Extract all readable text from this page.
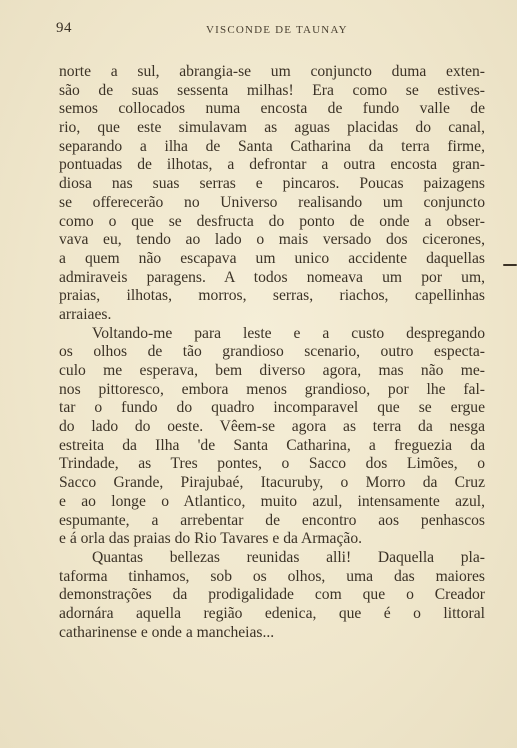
94	VISCONDE DE TAUNAY
norte a sul, abrangia-se um conjuncto duma exten-
são de suas sessenta milhas! Era como se estives-
semos collocados numa encosta de fundo valle de
rio, que este simulavam as aguas placidas do canal,
separando a ilha de Santa Catharina da terra firme,
pontuadas de ilhotas, a defrontar a outra encosta gran-
diosa nas suas serras e pincaros. Poucas paizagens
se offerecerão no Universo realisando um conjuncto
como o que se desfructa do ponto de onde a obser-
vava eu, tendo ao lado o mais versado dos cicerones,
a quem não escapava um unico accidente daquellas
admiraveis paragens. A todos nomeava um por um,
praias, ilhotas, morros, serras, riachos, capellinhas
arraiaes.
Voltando-me para leste e a custo despregando
os olhos de tão grandioso scenario, outro especta-
culo me esperava, bem diverso agora, mas não me-
nos pittoresco, embora menos grandioso, por lhe fal-
tar o fundo do quadro incomparavel que se ergue
do lado do oeste. Vêem-se agora as terra da nesga
estreita da Ilha 'de Santa Catharina, a freguezia da
Trindade, as Tres pontes, o Sacco dos Limões, o
Sacco Grande, Pirajubaé, Itacuruby, o Morro da Cruz
e ao longe o Atlantico, muito azul, intensamente azul,
espumante, a arrebentar de encontro aos penhascos
e á orla das praias do Rio Tavares e da Armação.
Quantas bellezas reunidas alli! Daquella pla-
taforma tinhamos, sob os olhos, uma das maiores
demonstrações da prodigalidade com que o Creador
adornára aquella região edenica, que é o littoral
catharinense e onde a mancheias...
